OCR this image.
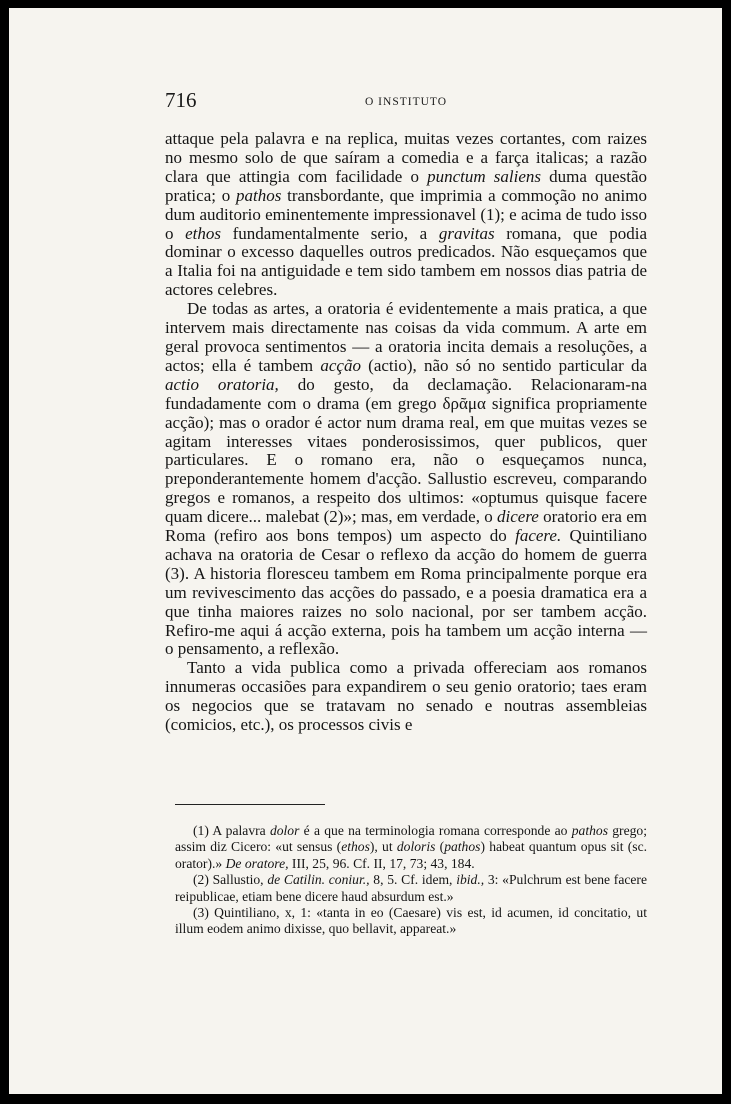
716	O INSTITUTO

attaque pela palavra e na replica, muitas vezes cortantes, com raizes no mesmo solo de que saíram a comedia e a farça italicas; a razão clara que attingia com facilidade o punctum saliens duma questão pratica; o pathos transbordante, que imprimia a commoção no animo dum auditorio eminentemente impressionavel (1); e acima de tudo isso o ethos fundamentalmente serio, a gravitas romana, que podia dominar o excesso daquelles outros predicados. Não esqueçamos que a Italia foi na antiguidade e tem sido tambem em nossos dias patria de actores celebres.

De todas as artes, a oratoria é evidentemente a mais pratica, a que intervem mais directamente nas coisas da vida commum. A arte em geral provoca sentimentos — a oratoria incita demais a resoluções, a actos; ella é tambem acção (actio), não só no sentido particular da actio oratoria, do gesto, da declamação. Relacionaram-na fundadamente com o drama (em grego δρᾶμα significa propriamente acção); mas o orador é actor num drama real, em que muitas vezes se agitam interesses vitaes ponderosissimos, quer publicos, quer particulares. E o romano era, não o esqueçamos nunca, preponderantemente homem d'acção. Sallustio escreveu, comparando gregos e romanos, a respeito dos ultimos: «optumus quisque facere quam dicere... malebat (2)»; mas, em verdade, o dicere oratorio era em Roma (refiro aos bons tempos) um aspecto do facere. Quintiliano achava na oratoria de Cesar o reflexo da acção do homem de guerra (3). A historia floresceu tambem em Roma principalmente porque era um revivescimento das acções do passado, e a poesia dramatica era a que tinha maiores raizes no solo nacional, por ser tambem acção. Refiro-me aqui á acção externa, pois ha tambem um acção interna — o pensamento, a reflexão.

Tanto a vida publica como a privada offereciam aos romanos innumeras occasiões para expandirem o seu genio oratorio; taes eram os negocios que se tratavam no senado e noutras assembleias (comicios, etc.), os processos civis e

(1) A palavra dolor é a que na terminologia romana corresponde ao pathos grego; assim diz Cicero: «ut sensus (ethos), ut doloris (pathos) habeat quantum opus sit (sc. orator).» De oratore, III, 25, 96. Cf. II, 17, 73; 43, 184.

(2) Sallustio, de Catilin. coniur., 8, 5. Cf. idem, ibid., 3: «Pulchrum est bene facere reipublicae, etiam bene dicere haud absurdum est.»

(3) Quintiliano, x, 1: «tanta in eo (Caesare) vis est, id acumen, id concitatio, ut illum eodem animo dixisse, quo bellavit, appareat.»
